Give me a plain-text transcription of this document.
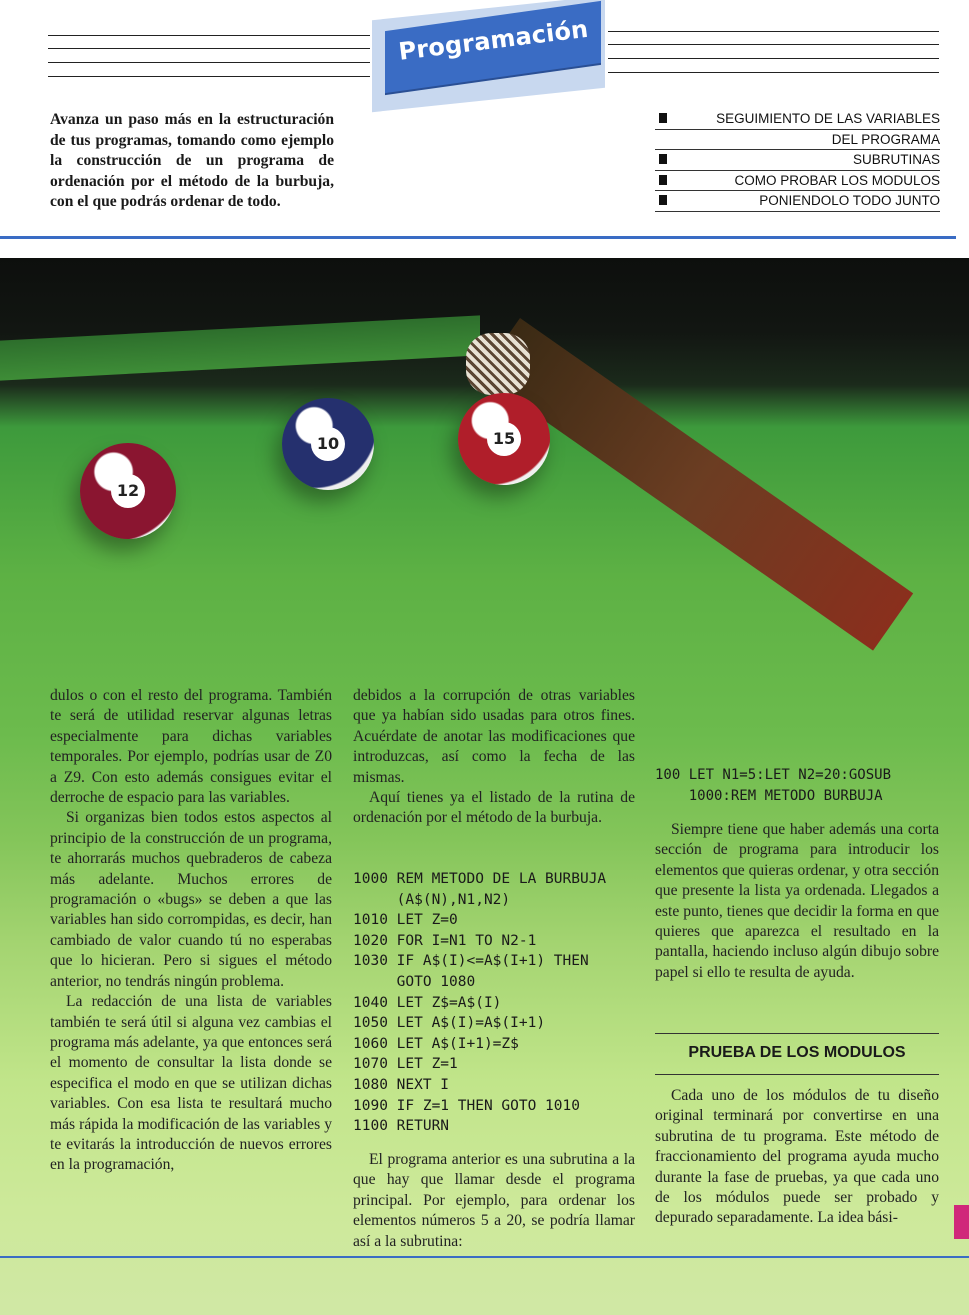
Programación
Avanza un paso más en la estructuración de tus programas, tomando como ejemplo la construcción de un programa de ordenación por el método de la burbuja, con el que podrás ordenar de todo.
SEGUIMIENTO DE LAS VARIABLES
DEL PROGRAMA
SUBRUTINAS
COMO PROBAR LOS MODULOS
PONIENDOLO TODO JUNTO
12
10	15

dulos o con el resto del programa. También te será de utilidad reservar algunas letras especialmente para dichas variables temporales. Por ejemplo, podrías usar de Z0 a Z9. Con esto además consigues evitar el derroche de espacio para las variables.

Si organizas bien todos estos aspectos al principio de la construcción de un programa, te ahorrarás muchos quebraderos de cabeza más adelante. Muchos errores de programación o «bugs» se deben a que las variables han sido corrompidas, es decir, han cambiado de valor cuando tú no esperabas que lo hicieran. Pero si sigues el método anterior, no tendrás ningún problema.

La redacción de una lista de variables también te será útil si alguna vez cambias el programa más adelante, ya que entonces será el momento de consultar la lista donde se especifica el modo en que se utilizan dichas variables. Con esa lista te resultará mucho más rápida la modificación de las variables y te evitarás la introducción de nuevos errores en la programación,

debidos a la corrupción de otras variables que ya habían sido usadas para otros fines. Acuérdate de anotar las modificaciones que introduzcas, así como la fecha de las mismas.

Aquí tienes ya el listado de la rutina de ordenación por el método de la burbuja.

1000 REM METODO DE LA BURBUJA
(A$(N),N1,N2)
1010 LET Z=0
1020 FOR I=N1 TO N2-1
1030 IF A$(I)<=A$(I+1) THEN
GOTO 1080
1040 LET Z$=A$(I)
1050 LET A$(I)=A$(I+1)
1060 LET A$(I+1)=Z$
1070 LET Z=1
1080 NEXT I
1090 IF Z=1 THEN GOTO 1010
1100 RETURN

El programa anterior es una subrutina a la que hay que llamar desde el programa principal. Por ejemplo, para ordenar los elementos números 5 a 20, se podría llamar así a la subrutina:

100 LET N1=5:LET N2=20:GOSUB
1000:REM METODO BURBUJA

Siempre tiene que haber además una corta sección de programa para introducir los elementos que quieras ordenar, y otra sección que presente la lista ya ordenada. Llegados a este punto, tienes que decidir la forma en que quieres que aparezca el resultado en la pantalla, haciendo incluso algún dibujo sobre papel si ello te resulta de ayuda.

PRUEBA DE LOS MODULOS

Cada uno de los módulos de tu diseño original terminará por convertirse en una subrutina de tu programa. Este método de fraccionamiento del programa ayuda mucho durante la fase de pruebas, ya que cada uno de los módulos puede ser probado y depurado separadamente. La idea bási-
